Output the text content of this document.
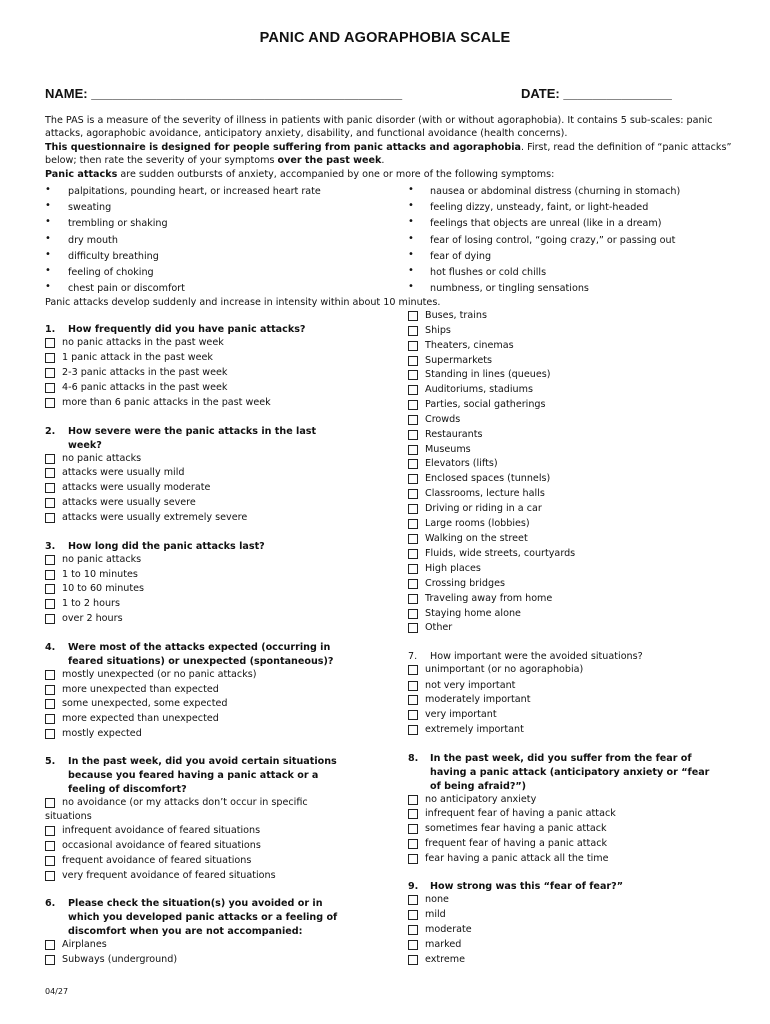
PANIC AND AGORAPHOBIA SCALE
NAME: ___________________________________________	DATE: _______________

The PAS is a measure of the severity of illness in patients with panic disorder (with or without agoraphobia). It contains 5 sub-scales: panic attacks, agoraphobic avoidance, anticipatory anxiety, disability, and functional avoidance (health concerns).

This questionnaire is designed for people suffering from panic attacks and agoraphobia. First, read the definition of “panic attacks” below; then rate the severity of your symptoms over the past week.

Panic attacks are sudden outbursts of anxiety, accompanied by one or more of the following symptoms:

• palpitations, pounding heart, or increased heart rate
• sweating
• trembling or shaking
• dry mouth
• difficulty breathing
• feeling of choking
• chest pain or discomfort
• nausea or abdominal distress (churning in stomach)
• feeling dizzy, unsteady, faint, or light-headed
• feelings that objects are unreal (like in a dream)
• fear of losing control, “going crazy,” or passing out
• fear of dying
• hot flushes or cold chills
• numbness, or tingling sensations
Panic attacks develop suddenly and increase in intensity within about 10 minutes.
1. How frequently did you have panic attacks?
no panic attacks in the past week
1 panic attack in the past week
2-3 panic attacks in the past week
4-6 panic attacks in the past week
more than 6 panic attacks in the past week
2. How severe were the panic attacks in the last
week?
no panic attacks
attacks were usually mild
attacks were usually moderate
attacks were usually severe
attacks were usually extremely severe
3. How long did the panic attacks last?
no panic attacks
1 to 10 minutes
10 to 60 minutes
1 to 2 hours
over 2 hours
4. Were most of the attacks expected (occurring in
feared situations) or unexpected (spontaneous)?
mostly unexpected (or no panic attacks)
more unexpected than expected
some unexpected, some expected
more expected than unexpected
mostly expected
5. In the past week, did you avoid certain situations
because you feared having a panic attack or a
feeling of discomfort?
no avoidance (or my attacks don’t occur in specific
situations
infrequent avoidance of feared situations
occasional avoidance of feared situations
frequent avoidance of feared situations
very frequent avoidance of feared situations
6. Please check the situation(s) you avoided or in
which you developed panic attacks or a feeling of
discomfort when you are not accompanied:
Airplanes
Subways (underground)
Buses, trains
Ships
Theaters, cinemas
Supermarkets
Standing in lines (queues)
Auditoriums, stadiums
Parties, social gatherings
Crowds
Restaurants
Museums
Elevators (lifts)
Enclosed spaces (tunnels)
Classrooms, lecture halls
Driving or riding in a car
Large rooms (lobbies)
Walking on the street
Fluids, wide streets, courtyards
High places
Crossing bridges
Traveling away from home
Staying home alone
Other
7. How important were the avoided situations?
unimportant (or no agoraphobia)
not very important
moderately important
very important
extremely important
8. In the past week, did you suffer from the fear of
having a panic attack (anticipatory anxiety or “fear
of being afraid?”)
no anticipatory anxiety
infrequent fear of having a panic attack
sometimes fear having a panic attack
frequent fear of having a panic attack
fear having a panic attack all the time
9. How strong was this “fear of fear?”
none
mild
moderate
marked
extreme
04/27
